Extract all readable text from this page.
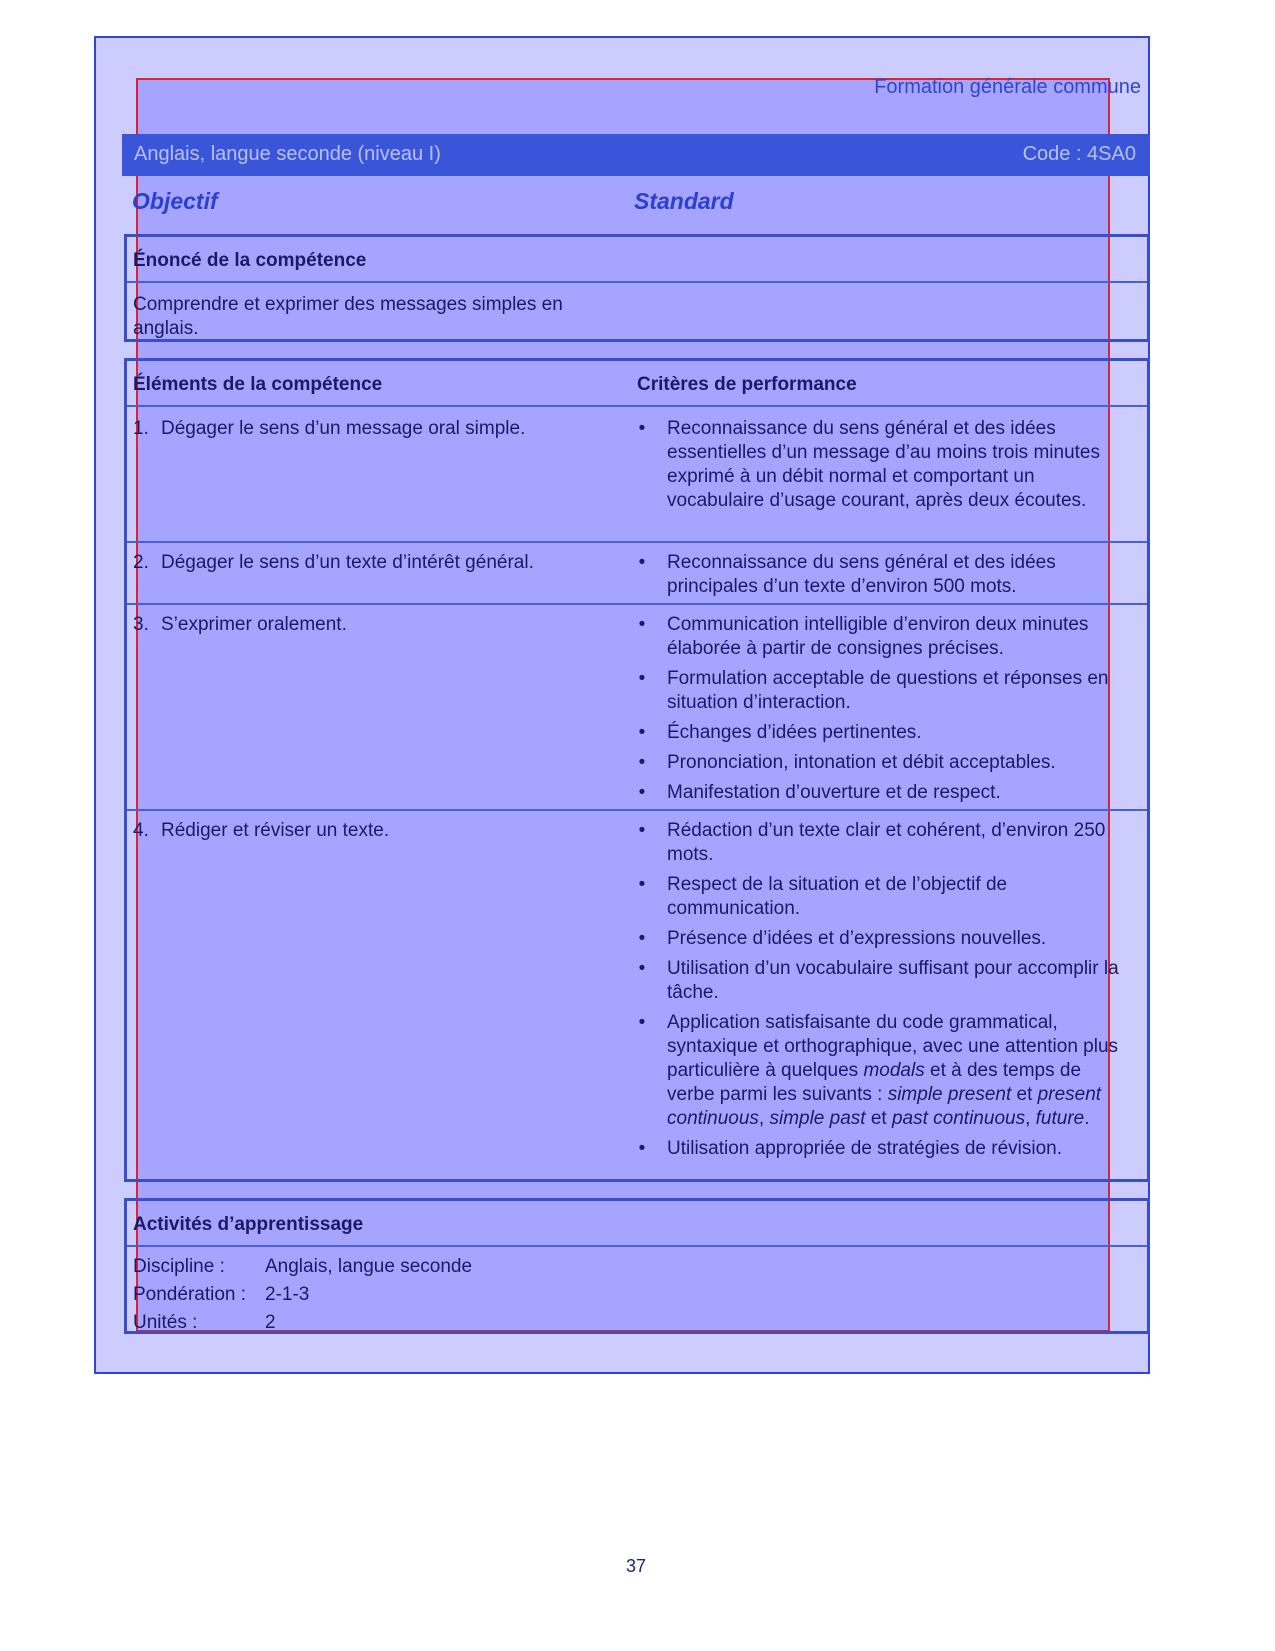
Formation générale commune
Anglais, langue seconde (niveau I)	Code : 4SA0
Objectif	Standard
Énoncé de la compétence
Comprendre et exprimer des messages simples en
anglais.
Éléments de la compétence	Critères de performance
1. Dégager le sens d’un message oral simple.	• Reconnaissance du sens général et des idées essentielles d’un message d’au moins trois minutes exprimé à un débit normal et comportant un vocabulaire d’usage courant, après deux écoutes.
2. Dégager le sens d’un texte d’intérêt général.	• Reconnaissance du sens général et des idées principales d’un texte d’environ 500 mots.
3. S’exprimer oralement.	• Communication intelligible d’environ deux minutes élaborée à partir de consignes précises.
• Formulation acceptable de questions et réponses en situation d’interaction.
• Échanges d’idées pertinentes.
• Prononciation, intonation et débit acceptables.
• Manifestation d’ouverture et de respect.
4. Rédiger et réviser un texte.	• Rédaction d’un texte clair et cohérent, d’environ 250 mots.
• Respect de la situation et de l’objectif de communication.
• Présence d’idées et d’expressions nouvelles.
• Utilisation d’un vocabulaire suffisant pour accomplir la tâche.
• Application satisfaisante du code grammatical, syntaxique et orthographique, avec une attention plus particulière à quelques modals et à des temps de verbe parmi les suivants : simple present et present continuous, simple past et past continuous, future.
• Utilisation appropriée de stratégies de révision.
Activités d’apprentissage
Discipline : Anglais, langue seconde
Pondération : 2-1-3
Unités :	2
37
